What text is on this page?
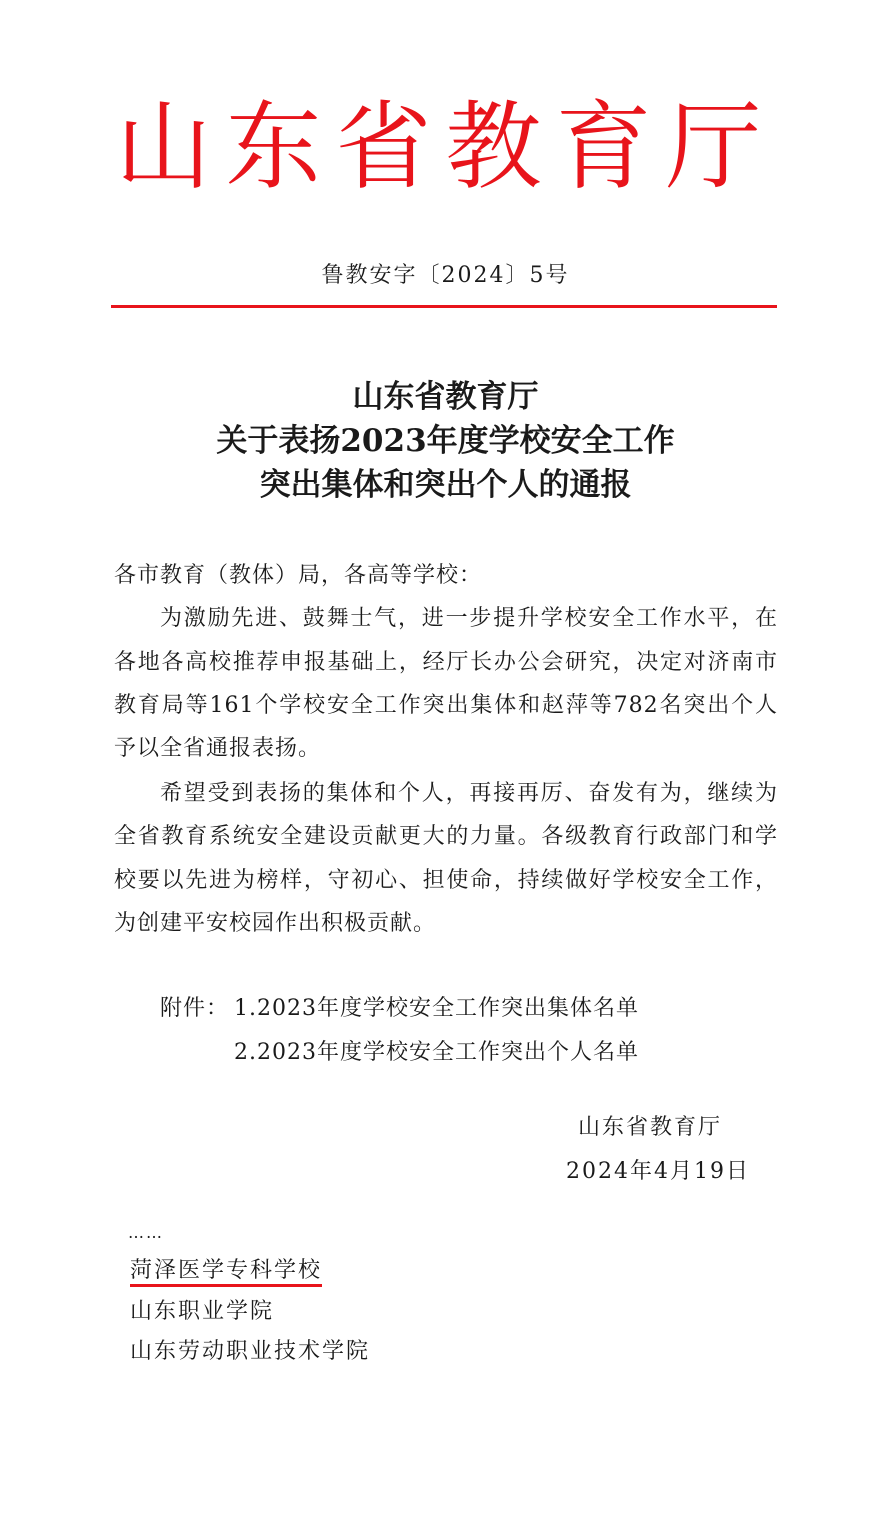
山东省教育厅
鲁教安字〔2024〕5号
山东省教育厅
关于表扬2023年度学校安全工作
突出集体和突出个人的通报
各市教育（教体）局，各高等学校：
为激励先进、鼓舞士气，进一步提升学校安全工作水平，在
各地各高校推荐申报基础上，经厅长办公会研究，决定对济南市
教育局等161个学校安全工作突出集体和赵萍等782名突出个人
予以全省通报表扬。
希望受到表扬的集体和个人，再接再厉、奋发有为，继续为
全省教育系统安全建设贡献更大的力量。各级教育行政部门和学
校要以先进为榜样，守初心、担使命，持续做好学校安全工作，
为创建平安校园作出积极贡献。
附件： 1.2023年度学校安全工作突出集体名单
2.2023年度学校安全工作突出个人名单
山东省教育厅
2024年4月19日
……
菏泽医学专科学校
山东职业学院
山东劳动职业技术学院
